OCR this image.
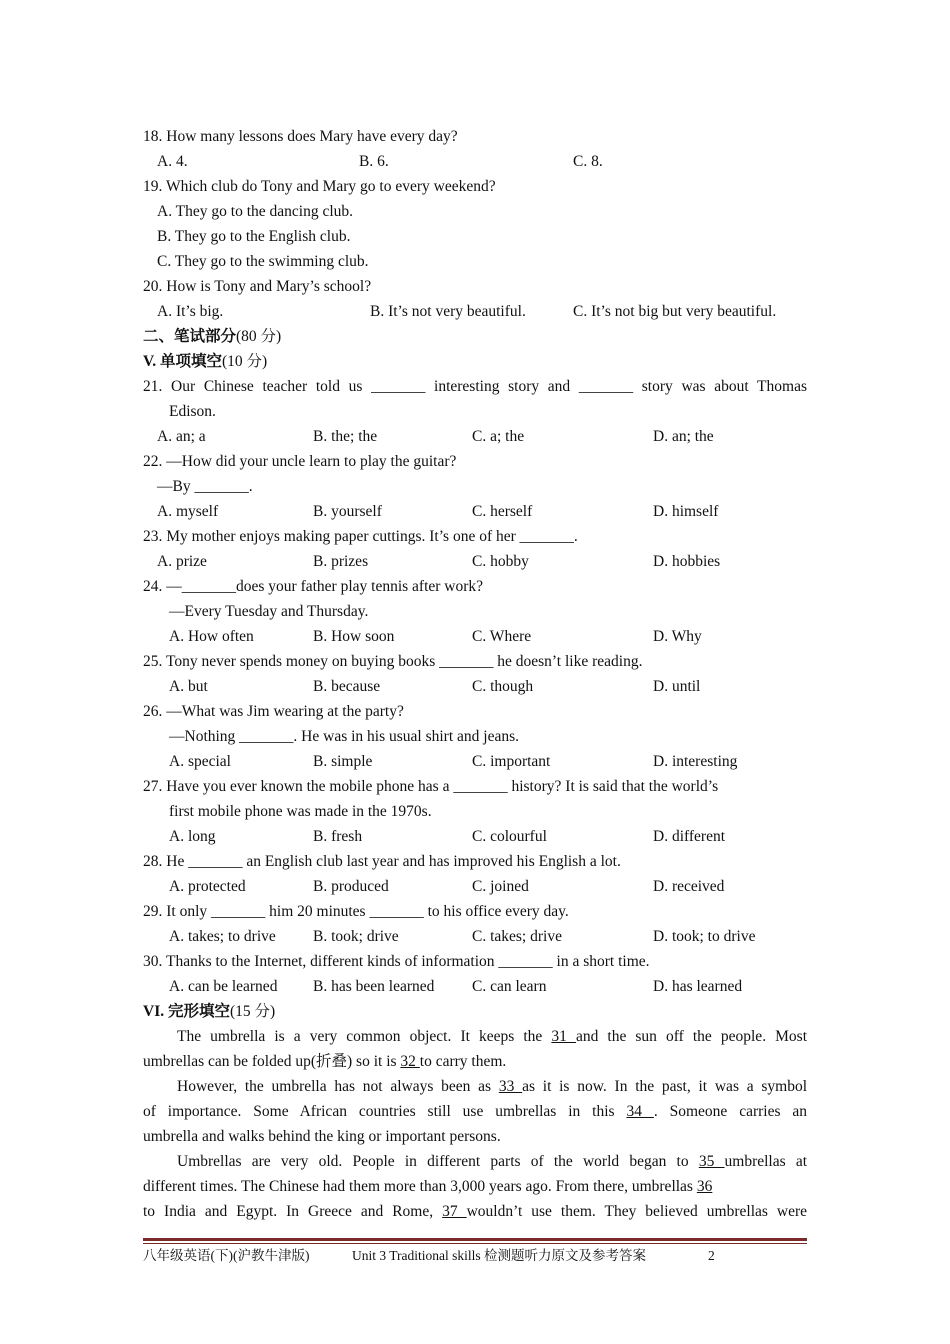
18. How many lessons does Mary have every day?
A. 4.	B. 6.	C. 8.
19. Which club do Tony and Mary go to every weekend?
A. They go to the dancing club.
B. They go to the English club.
C. They go to the swimming club.
20. How is Tony and Mary’s school?
A. It’s big.	B. It’s not very beautiful.	C. It’s not big but very beautiful.
二、笔试部分(80 分)
V. 单项填空(10 分)
21. Our Chinese teacher told us _______ interesting story and _______ story was about Thomas
Edison.
A. an; a	B. the; the	C. a; the	D. an; the
22. —How did your uncle learn to play the guitar?
—By _______.
A. myself	B. yourself	C. herself	D. himself
23. My mother enjoys making paper cuttings. It’s one of her _______.
A. prize	B. prizes	C. hobby	D. hobbies
24. —_______does your father play tennis after work?
—Every Tuesday and Thursday.
A. How often	B. How soon	C. Where	D. Why
25. Tony never spends money on buying books _______ he doesn’t like reading.
A. but	B. because	C. though	D. until
26. —What was Jim wearing at the party?
—Nothing _______. He was in his usual shirt and jeans.
A. special	B. simple	C. important	D. interesting
27. Have you ever known the mobile phone has a _______ history? It is said that the world’s
first mobile phone was made in the 1970s.
A. long	B. fresh	C. colourful	D. different
28. He _______ an English club last year and has improved his English a lot.
A. protected	B. produced	C. joined	D. received
29. It only _______ him 20 minutes _______ to his office every day.
A. takes; to drive B. took; drive	C. takes; drive	D. took; to drive
30. Thanks to the Internet, different kinds of information _______ in a short time.
A. can be learned B. has been learned C. can learn	D. has learned
VI. 完形填空(15 分)
The umbrella is a very common object. It keeps the 31 and the sun off the people. Most
umbrellas can be folded up(折叠) so it is 32 to carry them.
However, the umbrella has not always been as 33 as it is now. In the past, it was a symbol
of importance. Some African countries still use umbrellas in this 34 . Someone carries an
umbrella and walks behind the king or important persons.
Umbrellas are very old. People in different parts of the world began to 35 umbrellas at
different times. The Chinese had them more than 3,000 years ago. From there, umbrellas 36
to India and Egypt. In Greece and Rome, 37 wouldn’t use them. They believed umbrellas were
八年级英语(下)(沪教牛津版)	Unit 3 Traditional skills 检测题听力原文及参考答案	2
